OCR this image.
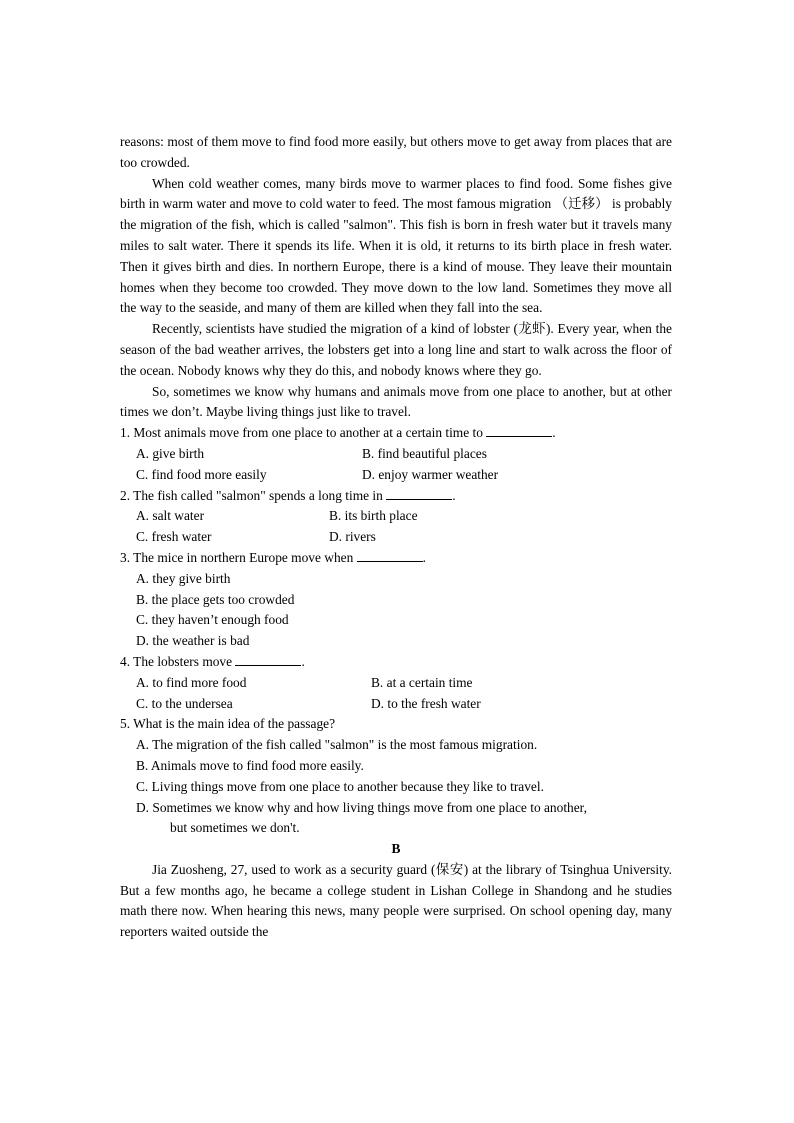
reasons: most of them move to find food more easily, but others move to get away from places that are too crowded.

When cold weather comes, many birds move to warmer places to find food. Some fishes give birth in warm water and move to cold water to feed. The most famous migration （迁移） is probably the migration of the fish, which is called "salmon". This fish is born in fresh water but it travels many miles to salt water. There it spends its life. When it is old, it returns to its birth place in fresh water. Then it gives birth and dies. In northern Europe, there is a kind of mouse. They leave their mountain homes when they become too crowded. They move down to the low land. Sometimes they move all the way to the seaside, and many of them are killed when they fall into the sea.

Recently, scientists have studied the migration of a kind of lobster (龙虾). Every year, when the season of the bad weather arrives, the lobsters get into a long line and start to walk across the floor of the ocean. Nobody knows why they do this, and nobody knows where they go.

So, sometimes we know why humans and animals move from one place to another, but at other times we don’t. Maybe living things just like to travel.

1. Most animals move from one place to another at a certain time to	.

A. give birth	B. find beautiful places
C. find food more easily	D. enjoy warmer weather

2. The fish called "salmon" spends a long time in	.

A. salt water	B. its birth place
C. fresh water	D. rivers

3. The mice in northern Europe move when	.

A. they give birth

B. the place gets too crowded

C. they haven’t enough food

D. the weather is bad

4. The lobsters move	.

A. to find more food	B. at a certain time
C. to the undersea	D. to the fresh water

5. What is the main idea of the passage?

A. The migration of the fish called "salmon" is the most famous migration.

B. Animals move to find food more easily.

C. Living things move from one place to another because they like to travel.

D. Sometimes we know why and how living things move from one place to another,

but sometimes we don't.

B

Jia Zuosheng, 27, used to work as a security guard (保安) at the library of Tsinghua University. But a few months ago, he became a college student in Lishan College in Shandong and he studies math there now. When hearing this news, many people were surprised. On school opening day, many reporters waited outside the
